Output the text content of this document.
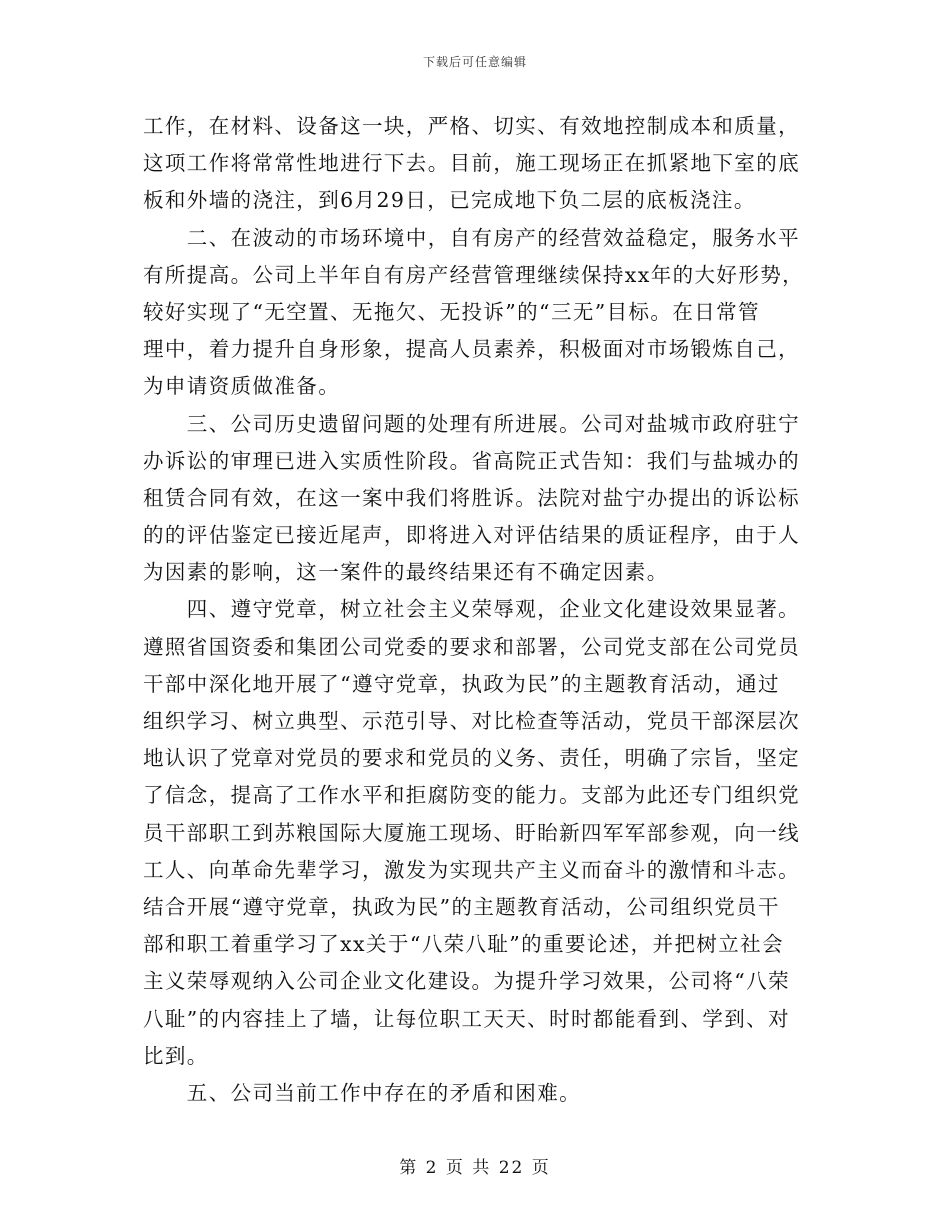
下载后可任意编辑
工作，在材料、设备这一块，严格、切实、有效地控制成本和质量，
这项工作将常常性地进行下去。目前，施工现场正在抓紧地下室的底
板和外墙的浇注，到6月29日，已完成地下负二层的底板浇注。
　　二、在波动的市场环境中，自有房产的经营效益稳定，服务水平
有所提高。公司上半年自有房产经营管理继续保持xx年的大好形势，
较好实现了“无空置、无拖欠、无投诉”的“三无”目标。在日常管
理中，着力提升自身形象，提高人员素养，积极面对市场锻炼自己，
为申请资质做准备。
　　三、公司历史遗留问题的处理有所进展。公司对盐城市政府驻宁
办诉讼的审理已进入实质性阶段。省高院正式告知：我们与盐城办的
租赁合同有效，在这一案中我们将胜诉。法院对盐宁办提出的诉讼标
的的评估鉴定已接近尾声，即将进入对评估结果的质证程序，由于人
为因素的影响，这一案件的最终结果还有不确定因素。
　　四、遵守党章，树立社会主义荣辱观，企业文化建设效果显著。
遵照省国资委和集团公司党委的要求和部署，公司党支部在公司党员
干部中深化地开展了“遵守党章，执政为民”的主题教育活动，通过
组织学习、树立典型、示范引导、对比检查等活动，党员干部深层次
地认识了党章对党员的要求和党员的义务、责任，明确了宗旨，坚定
了信念，提高了工作水平和拒腐防变的能力。支部为此还专门组织党
员干部职工到苏粮国际大厦施工现场、盱眙新四军军部参观，向一线
工人、向革命先辈学习，激发为实现共产主义而奋斗的激情和斗志。
结合开展“遵守党章，执政为民”的主题教育活动，公司组织党员干
部和职工着重学习了xx关于“八荣八耻”的重要论述，并把树立社会
主义荣辱观纳入公司企业文化建设。为提升学习效果，公司将“八荣
八耻”的内容挂上了墙，让每位职工天天、时时都能看到、学到、对
比到。
　　五、公司当前工作中存在的矛盾和困难。
第 2 页 共 22 页
